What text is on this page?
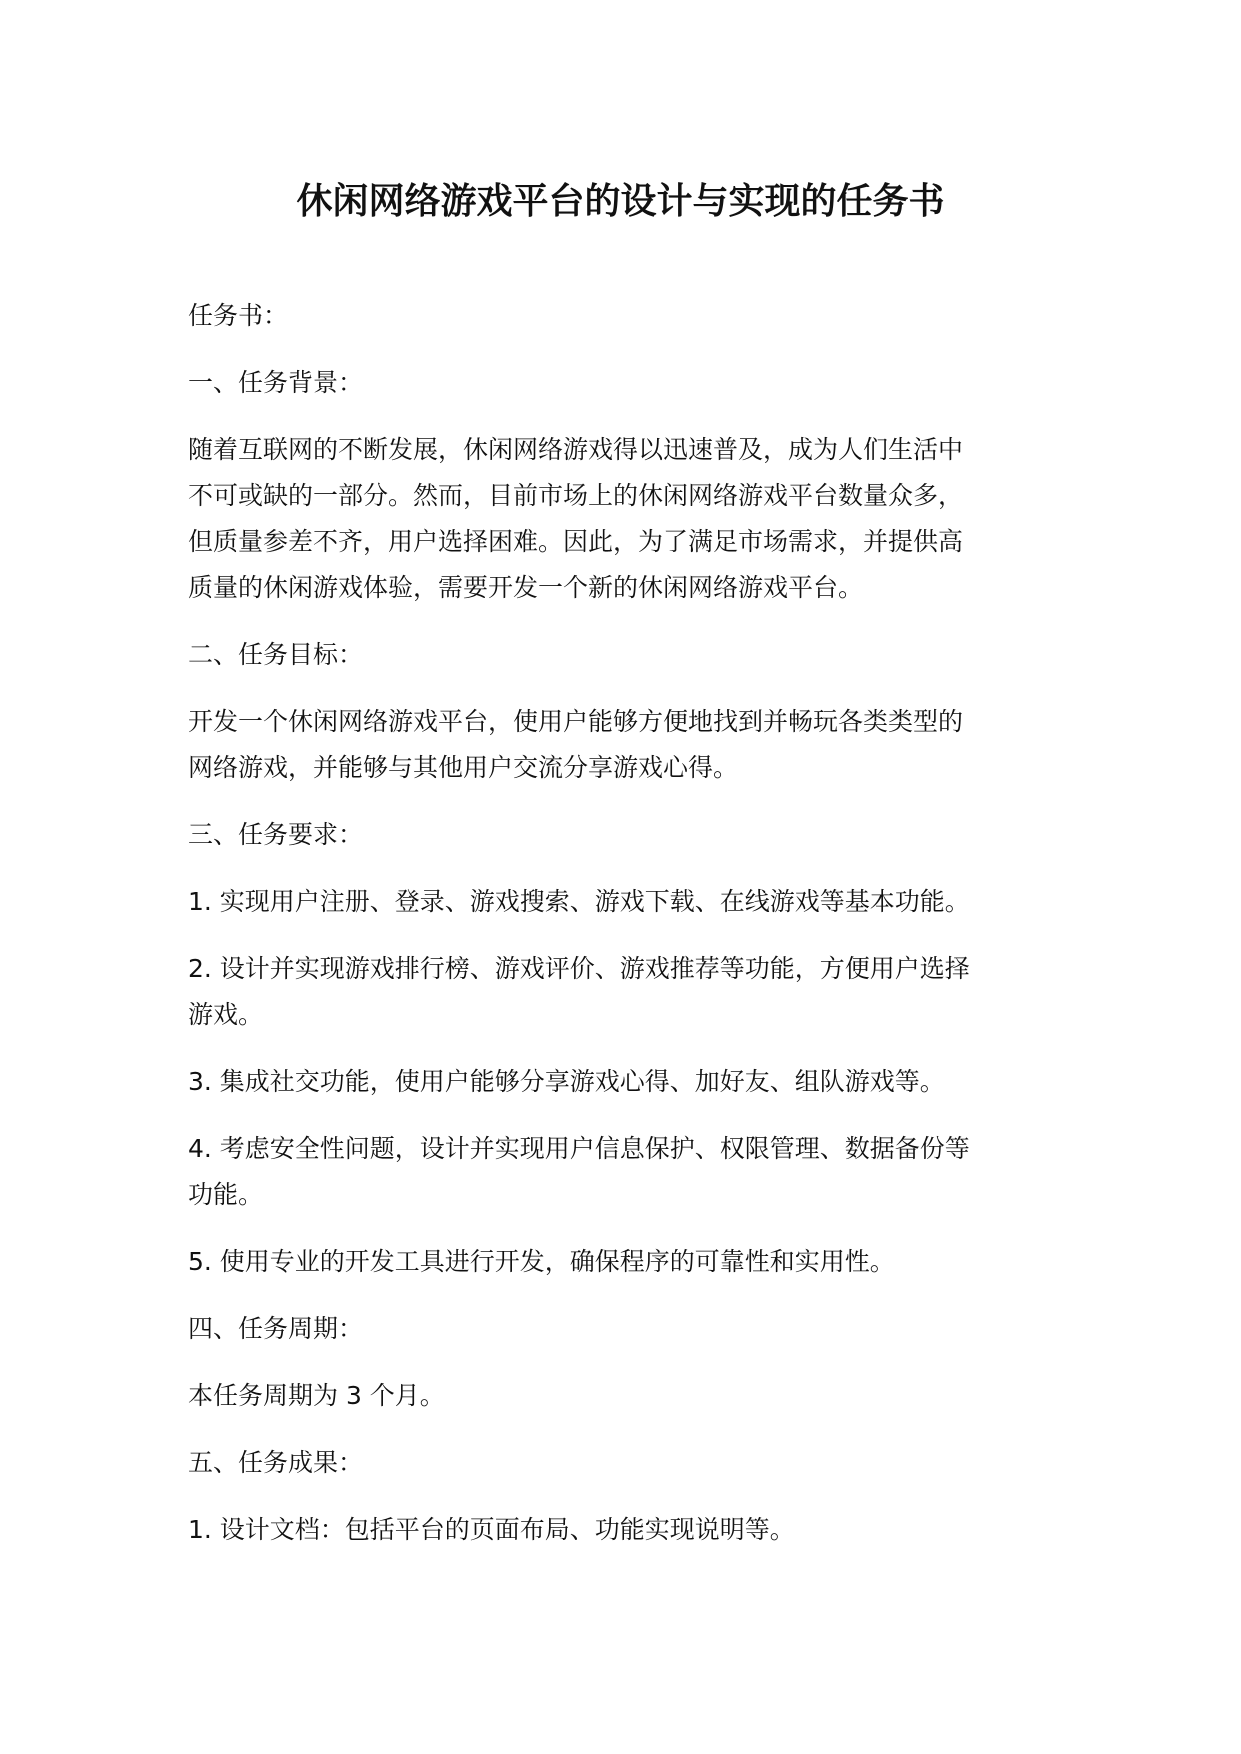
休闲网络游戏平台的设计与实现的任务书

任务书：

一、任务背景：

随着互联网的不断发展，休闲网络游戏得以迅速普及，成为人们生活中
不可或缺的一部分。然而，目前市场上的休闲网络游戏平台数量众多，
但质量参差不齐，用户选择困难。因此，为了满足市场需求，并提供高
质量的休闲游戏体验，需要开发一个新的休闲网络游戏平台。

二、任务目标：

开发一个休闲网络游戏平台，使用户能够方便地找到并畅玩各类类型的
网络游戏，并能够与其他用户交流分享游戏心得。

三、任务要求：

1. 实现用户注册、登录、游戏搜索、游戏下载、在线游戏等基本功能。

2. 设计并实现游戏排行榜、游戏评价、游戏推荐等功能，方便用户选择
游戏。

3. 集成社交功能，使用户能够分享游戏心得、加好友、组队游戏等。

4. 考虑安全性问题，设计并实现用户信息保护、权限管理、数据备份等
功能。

5. 使用专业的开发工具进行开发，确保程序的可靠性和实用性。

四、任务周期：

本任务周期为 3 个月。

五、任务成果：

1. 设计文档：包括平台的页面布局、功能实现说明等。
